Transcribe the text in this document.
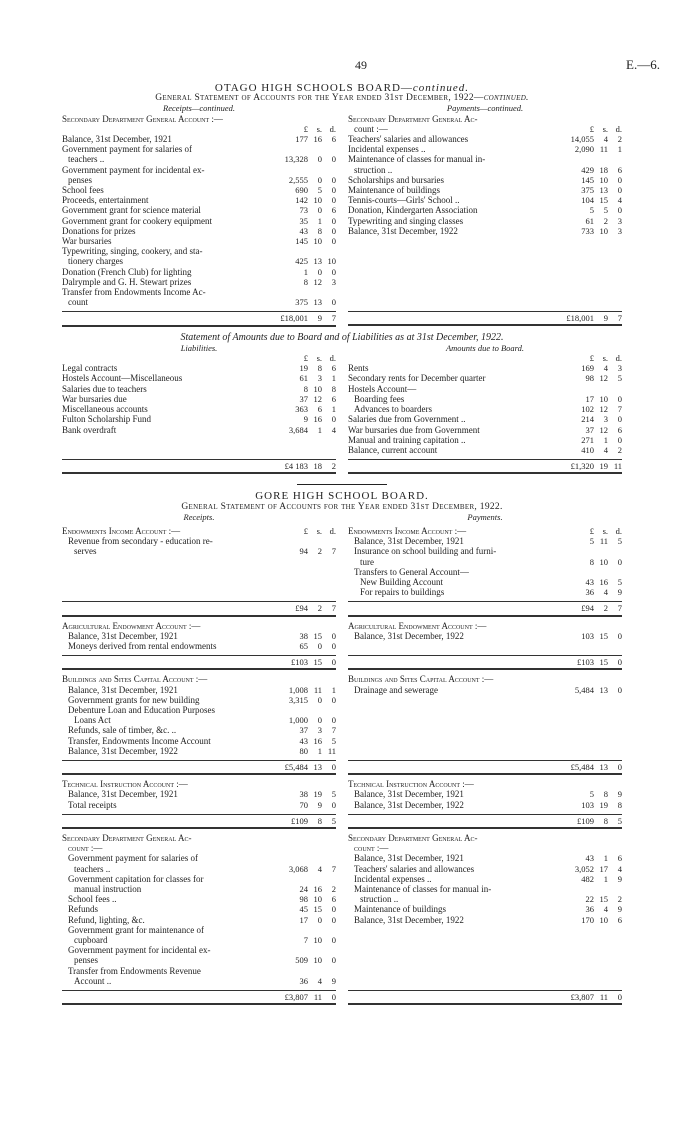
49	E.—6.
OTAGO HIGH SCHOOLS BOARD—continued.
General Statement of Accounts for the Year ended 31st December, 1922—continued.
Receipts—continued.
Secondary Department General Account :—
£	s. d.
Balance, 31st December, 1921	177 16	6
Government payment for salaries of
teachers ..	13,328	0	0
Government payment for incidental ex-
penses	2,555	0	0
School fees	690	5	0
Proceeds, entertainment	142 10	0
Government grant for science material	73	0	6
Government grant for cookery equipment	35	1	0
Donations for prizes	43	8	0
War bursaries	145 10	0
Typewriting, singing, cookery, and sta-
tionery charges	425 13 10
Donation (French Club) for lighting	1	0	0
Dalrymple and G. H. Stewart prizes	8 12	3
Transfer from Endowments Income Ac-
count	375 13	0
£18,001	9	7
Payments—continued.
Secondary Department General Ac-
count :—	£	s. d.
Teachers' salaries and allowances	14,055	4	2
Incidental expenses ..	2,090 11	1
Maintenance of classes for manual in-
struction ..	429 18	6
Scholarships and bursaries	145 10	0
Maintenance of buildings	375 13	0
Tennis-courts—Girls' School ..	104 15	4
Donation, Kindergarten Association	5	5	0
Typewriting and singing classes	61	2	3
Balance, 31st December, 1922	733 10	3
£18,001	9	7
Statement of Amounts due to Board and of Liabilities as at 31st December, 1922.
Liabilities.
£	s. d.
Legal contracts	19	8	6
Hostels Account—Miscellaneous	61	3	1
Salaries due to teachers	8 10	8
War bursaries due	37 12	6
Miscellaneous accounts	363	6	1
Fulton Scholarship Fund	9 16	0
Bank overdraft	3,684	1	4
£4 183 18	2
Amounts due to Board.
£	s. d.
Rents	169	4	3
Secondary rents for December quarter	98 12	5
Hostels Account—
Boarding fees	17 10	0
Advances to boarders	102 12	7
Salaries due from Government ..	214	3	0
War bursaries due from Government	37 12	6
Manual and training capitation ..	271	1	0
Balance, current account	410	4	2
£1,320 19 11
GORE HIGH SCHOOL BOARD.
General Statement of Accounts for the Year ended 31st December, 1922.
Receipts.	Payments.
Endowments Income Account :—	£	s. d.
Revenue from secondary - education re-
serves	94	2	7
£94	2	7
Endowments Income Account :—	£	s. d.
Balance, 31st December, 1921	5 11	5
Insurance on school building and furni-
ture	8 10	0
Transfers to General Account—
New Building Account	43 16	5
For repairs to buildings	36	4	9
£94	2	7
Agricultural Endowment Account :—
Balance, 31st December, 1921	38 15	0
Moneys derived from rental endowments	65	0	0
£103 15	0
Agricultural Endowment Account :—
Balance, 31st December, 1922	103 15	0
£103 15	0
Buildings and Sites Capital Account :—
Balance, 31st December, 1921	1,008 11	1
Government grants for new building	3,315	0	0
Debenture Loan and Education Purposes
Loans Act	1,000	0	0
Refunds, sale of timber, &c. ..	37	3	7
Transfer, Endowments Income Account	43 16	5
Balance, 31st December, 1922	80	1 11
£5,484 13	0
Buildings and Sites Capital Account :—
Drainage and sewerage	5,484 13	0
£5,484 13	0
Technical Instruction Account :—
Balance, 31st December, 1921	38 19	5
Total receipts	70	9	0
£109	8	5
Technical Instruction Account :—
Balance, 31st December, 1921	5	8	9
Balance, 31st December, 1922	103 19	8
£109	8	5
Secondary Department General Ac-
count :—
Government payment for salaries of
teachers ..	3,068	4	7
Government capitation for classes for
manual instruction	24 16	2
School fees ..	98 10	6
Refunds	45 15	0
Refund, lighting, &c.	17	0	0
Government grant for maintenance of
cupboard	7 10	0
Government payment for incidental ex-
penses	509 10	0
Transfer from Endowments Revenue
Account ..	36	4	9
£3,807 11	0
Secondary Department General Ac-
count :—
Balance, 31st December, 1921	43	1	6
Teachers' salaries and allowances	3,052 17	4
Incidental expenses ..	482	1	9
Maintenance of classes for manual in-
struction ..	22 15	2
Maintenance of buildings	36	4	9
Balance, 31st December, 1922	170 10	6
£3,807 11	0
